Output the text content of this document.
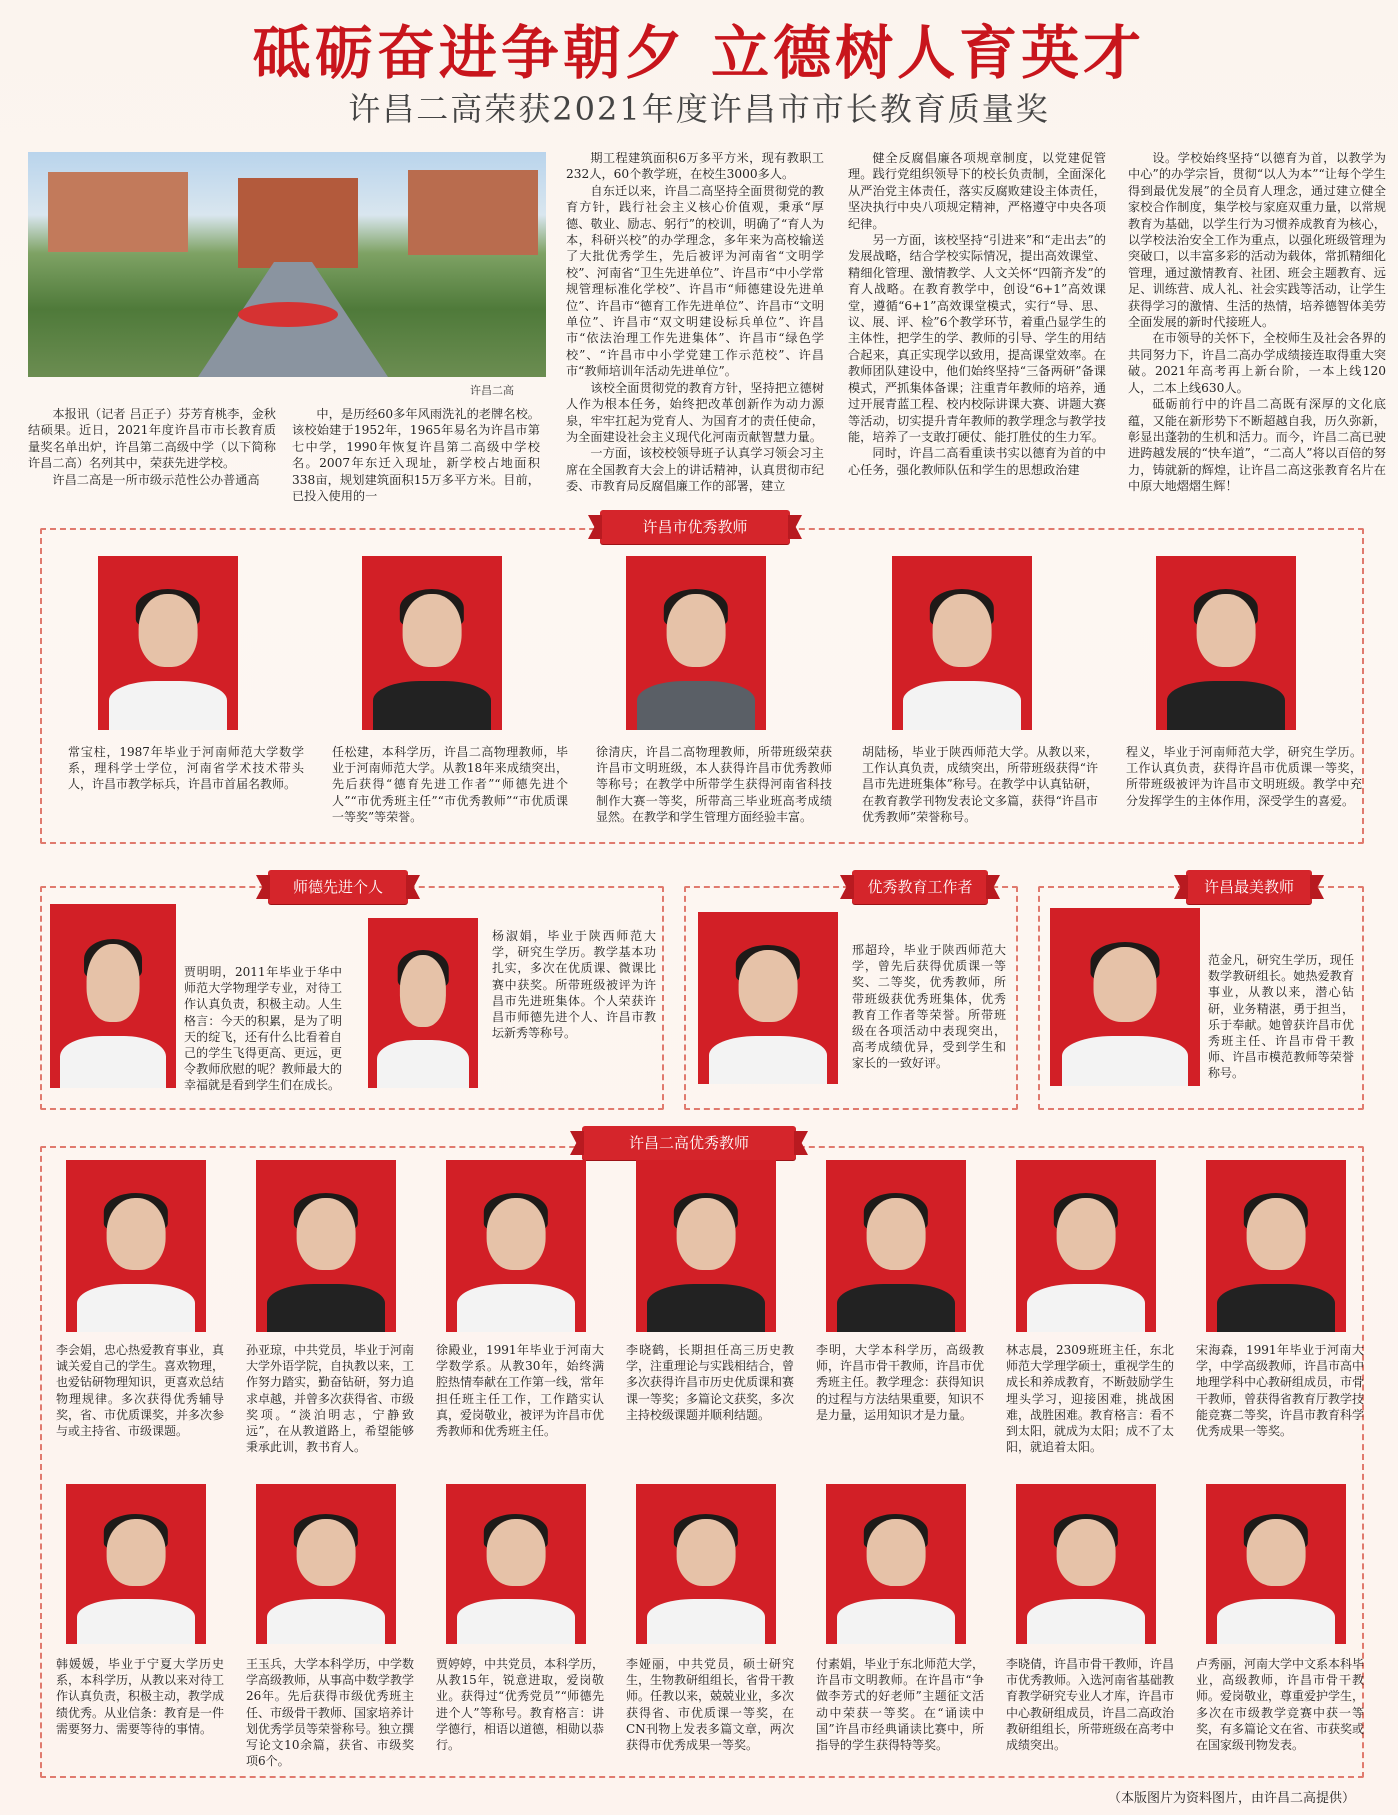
砥砺奋进争朝夕 立德树人育英才
许昌二高荣获2021年度许昌市市长教育质量奖
许昌二高

本报讯（记者 吕正子）芬芳育桃李，金秋结硕果。近日，2021年度许昌市市长教育质量奖名单出炉，许昌第二高级中学（以下简称许昌二高）名列其中，荣获先进学校。

许昌二高是一所市级示范性公办普通高

中，是历经60多年风雨洗礼的老牌名校。该校始建于1952年，1965年易名为许昌市第七中学，1990年恢复许昌第二高级中学校名。2007年东迁入现址，新学校占地面积338亩，规划建筑面积15万多平方米。目前，已投入使用的一

期工程建筑面积6万多平方米，现有教职工232人，60个教学班，在校生3000多人。

自东迁以来，许昌二高坚持全面贯彻党的教育方针，践行社会主义核心价值观，秉承“厚德、敬业、励志、躬行”的校训，明确了“育人为本，科研兴校”的办学理念，多年来为高校输送了大批优秀学生，先后被评为河南省“文明学校”、河南省“卫生先进单位”、许昌市“中小学常规管理标准化学校”、许昌市“师德建设先进单位”、许昌市“德育工作先进单位”、许昌市“文明单位”、许昌市“双文明建设标兵单位”、许昌市“依法治理工作先进集体”、许昌市“绿色学校”、“许昌市中小学党建工作示范校”、许昌市“教师培训年活动先进单位”。

该校全面贯彻党的教育方针，坚持把立德树人作为根本任务，始终把改革创新作为动力源泉，牢牢扛起为党育人、为国育才的责任使命，为全面建设社会主义现代化河南贡献智慧力量。

一方面，该校校领导班子认真学习领会习主席在全国教育大会上的讲话精神，认真贯彻市纪委、市教育局反腐倡廉工作的部署，建立

健全反腐倡廉各项规章制度，以党建促管理。践行党组织领导下的校长负责制，全面深化从严治党主体责任，落实反腐败建设主体责任，坚决执行中央八项规定精神，严格遵守中央各项纪律。

另一方面，该校坚持“引进来”和“走出去”的发展战略，结合学校实际情况，提出高效课堂、精细化管理、激情教学、人文关怀“四箭齐发”的育人战略。在教育教学中，创设“6+1”高效课堂，遵循“6+1”高效课堂模式，实行“导、思、议、展、评、检”6个教学环节，着重凸显学生的主体性，把学生的学、教师的引导、学生的用结合起来，真正实现学以致用，提高课堂效率。在教师团队建设中，他们始终坚持“三备两研”备课模式，严抓集体备课；注重青年教师的培养，通过开展青蓝工程、校内校际讲课大赛、讲题大赛等活动，切实提升青年教师的教学理念与教学技能，培养了一支敢打硬仗、能打胜仗的生力军。

同时，许昌二高看重读书实以德育为首的中心任务，强化教师队伍和学生的思想政治建

设。学校始终坚持“以德育为首，以教学为中心”的办学宗旨，贯彻“以人为本”“让每个学生得到最优发展”的全员育人理念，通过建立健全家校合作制度，集学校与家庭双重力量，以常规教育为基础，以学生行为习惯养成教育为核心，以学校法治安全工作为重点，以强化班级管理为突破口，以丰富多彩的活动为载体，常抓精细化管理，通过激情教育、社团、班会主题教育、远足、训练营、成人礼、社会实践等活动，让学生获得学习的激情、生活的热情，培养德智体美劳全面发展的新时代接班人。

在市领导的关怀下，全校师生及社会各界的共同努力下，许昌二高办学成绩接连取得重大突破。2021年高考再上新台阶，一本上线120人，二本上线630人。

砥砺前行中的许昌二高既有深厚的文化底蕴，又能在新形势下不断超越自我，历久弥新，彰显出蓬勃的生机和活力。而今，许昌二高已驶进跨越发展的“快车道”，“二高人”将以百倍的努力，铸就新的辉煌，让许昌二高这张教育名片在中原大地熠熠生辉！

许昌市优秀教师
常宝柱，1987年毕业于河南师范大学数学系，理科学士学位，河南省学术技术带头人，许昌市教学标兵，许昌市首届名教师。
任松建，本科学历，许昌二高物理教师，毕业于河南师范大学。从教18年来成绩突出，先后获得“德育先进工作者”“师德先进个人”“市优秀班主任”“市优秀教师”“市优质课一等奖”等荣誉。
徐清庆，许昌二高物理教师，所带班级荣获许昌市文明班级，本人获得许昌市优秀教师等称号；在教学中所带学生获得河南省科技制作大赛一等奖，所带高三毕业班高考成绩显然。在教学和学生管理方面经验丰富。
胡陆杨，毕业于陕西师范大学。从教以来，工作认真负责，成绩突出，所带班级获得“许昌市先进班集体”称号。在教学中认真钻研，在教育教学刊物发表论文多篇，获得“许昌市优秀教师”荣誉称号。
程义，毕业于河南师范大学，研究生学历。工作认真负责，获得许昌市优质课一等奖，所带班级被评为许昌市文明班级。教学中充分发挥学生的主体作用，深受学生的喜爱。
师德先进个人	优秀教育工作者	许昌最美教师
贾明明，2011年毕业于华中师范大学物理学专业，对待工作认真负责，积极主动。人生格言：今天的积累，是为了明天的绽飞，还有什么比看着自己的学生飞得更高、更远，更令教师欣慰的呢？教师最大的幸福就是看到学生们在成长。
杨淑娟，毕业于陕西师范大学，研究生学历。教学基本功扎实，多次在优质课、微课比赛中获奖。所带班级被评为许昌市先进班集体。个人荣获许昌市师德先进个人、许昌市教坛新秀等称号。
邢超玲，毕业于陕西师范大学，曾先后获得优质课一等奖、二等奖，优秀教师，所带班级获优秀班集体，优秀教育工作者等荣誉。所带班级在各项活动中表现突出，高考成绩优异，受到学生和家长的一致好评。
范金凡，研究生学历，现任数学教研组长。她热爱教育事业，从教以来，潜心钻研，业务精湛，勇于担当，乐于奉献。她曾获许昌市优秀班主任、许昌市骨干教师、许昌市模范教师等荣誉称号。
许昌二高优秀教师
李会娟，忠心热爱教育事业，真诚关爱自己的学生。喜欢物理，也爱钻研物理知识，更喜欢总结物理规律。多次获得优秀辅导奖，省、市优质课奖，并多次参与或主持省、市级课题。
孙亚琼，中共党员，毕业于河南大学外语学院，自执教以来，工作努力踏实，勤奋钻研，努力追求卓越，并曾多次获得省、市级奖项。“淡泊明志，宁静致远”，在从教道路上，希望能够秉承此训，教书育人。
徐殿业，1991年毕业于河南大学数学系。从教30年，始终满腔热情奉献在工作第一线，常年担任班主任工作，工作踏实认真，爱岗敬业，被评为许昌市优秀教师和优秀班主任。
李晓鹤，长期担任高三历史教学，注重理论与实践相结合，曾多次获得许昌市历史优质课和赛课一等奖；多篇论文获奖，多次主持校级课题并顺利结题。
李明，大学本科学历，高级教师，许昌市骨干教师，许昌市优秀班主任。教学理念：获得知识的过程与方法结果重要，知识不是力量，运用知识才是力量。
林志晨，2309班班主任，东北师范大学理学硕士，重视学生的成长和养成教育，不断鼓励学生埋头学习，迎接困难，挑战困难，战胜困难。教育格言：看不到太阳，就成为太阳；成不了太阳，就追着太阳。
宋海森，1991年毕业于河南大学，中学高级教师，许昌市高中地理学科中心教研组成员，市骨干教师，曾获得省教育厅教学技能竞赛二等奖，许昌市教育科学优秀成果一等奖。
韩媛媛，毕业于宁夏大学历史系，本科学历，从教以来对待工作认真负责，积极主动，教学成绩优秀。从业信条：教育是一件需要努力、需要等待的事情。
王玉兵，大学本科学历，中学数学高级教师，从事高中数学教学26年。先后获得市级优秀班主任、市级骨干教师、国家培养计划优秀学员等荣誉称号。独立撰写论文10余篇，获省、市级奖项6个。
贾婷婷，中共党员，本科学历，从教15年，锐意进取，爱岗敬业。获得过“优秀党员”“师德先进个人”等称号。教育格言：讲学德行，相语以道德，相勋以恭行。
李娅丽，中共党员，硕士研究生，生物教研组组长，省骨干教师。任教以来，兢兢业业，多次获得省、市优质课一等奖，在CN刊物上发表多篇文章，两次获得市优秀成果一等奖。
付素娟，毕业于东北师范大学，许昌市文明教师。在许昌市“争做李芳式的好老师”主题征文活动中荣获一等奖。在“诵读中国”许昌市经典诵读比赛中，所指导的学生获得特等奖。
李晓倩，许昌市骨干教师，许昌市优秀教师。入选河南省基础教育教学研究专业人才库，许昌市中心教研组成员，许昌二高政治教研组组长，所带班级在高考中成绩突出。
卢秀丽，河南大学中文系本科毕业，高级教师，许昌市骨干教师。爱岗敬业，尊重爱护学生，多次在市级教学竞赛中获一等奖，有多篇论文在省、市获奖或在国家级刊物发表。
（本版图片为资料图片，由许昌二高提供）
